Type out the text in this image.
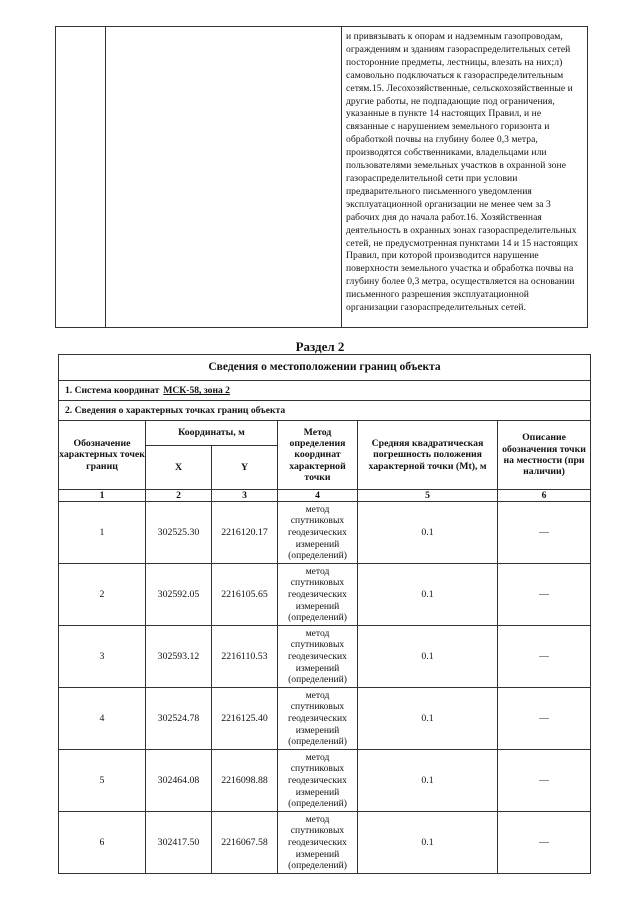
и привязывать к опорам и надземным газопроводам, ограждениям и зданиям газораспределительных сетей посторонние предметы, лестницы, влезать на них;л) самовольно подключаться к газораспределительным сетям.15. Лесохозяйственные, сельскохозяйственные и другие работы, не подпадающие под ограничения, указанные в пункте 14 настоящих Правил, и не связанные с нарушением земельного горизонта и обработкой почвы на глубину более 0,3 метра, производятся собственниками, владельцами или пользователями земельных участков в охранной зоне газораспределительной сети при условии предварительного письменного уведомления эксплуатационной организации не менее чем за 3 рабочих дня до начала работ.16. Хозяйственная деятельность в охранных зонах газораспределительных сетей, не предусмотренная пунктами 14 и 15 настоящих Правил, при которой производится нарушение поверхности земельного участка и обработка почвы на глубину более 0,3 метра, осуществляется на основании письменного разрешения эксплуатационной организации газораспределительных сетей.
Раздел 2
Сведения о местоположении границ объекта					
1. Система координат МСК-58, зона 2					
2. Сведения о характерных точках границ объекта					
Обозначение характерных точек границ	Координаты, м		Метод определения координат характерной точки	Средняя квадратическая погрешность положения характерной точки (Mt), м	Описание обозначения точки на местности (при наличии)
	X	Y			
1	2	3	4	5	6
1	302525.30	2216120.17	метод спутниковых геодезических измерений (определений)	0.1	—
2	302592.05	2216105.65	метод спутниковых геодезических измерений (определений)	0.1	—
3	302593.12	2216110.53	метод спутниковых геодезических измерений (определений)	0.1	—
4	302524.78	2216125.40	метод спутниковых геодезических измерений (определений)	0.1	—
5	302464.08	2216098.88	метод спутниковых геодезических измерений (определений)	0.1	—
6	302417.50	2216067.58	метод спутниковых геодезических измерений (определений)	0.1	—
